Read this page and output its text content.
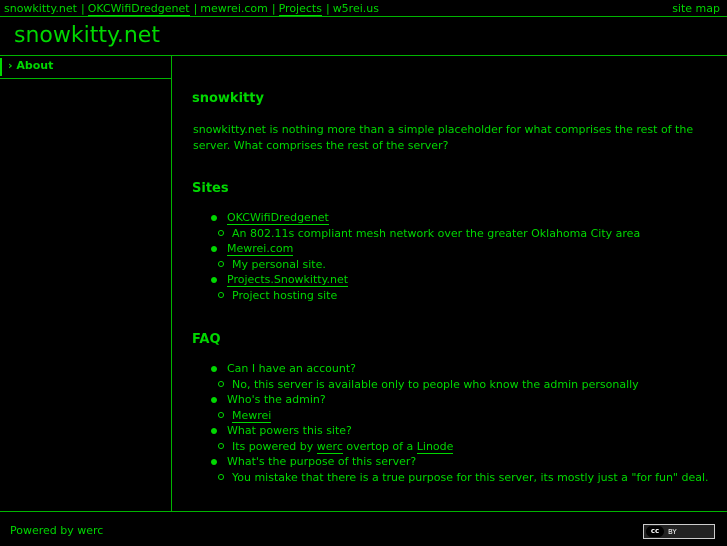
snowkitty.net | OKCWifiDredgenet | mewrei.com | Projects | w5rei.us	site map
snowkitty.net
› About
snowkitty
snowkitty.net is nothing more than a simple placeholder for what comprises the rest of the server. What comprises the rest of the server?
Sites
OKCWifiDredgenet
An 802.11s compliant mesh network over the greater Oklahoma City area
Mewrei.com
My personal site.
Projects.Snowkitty.net
Project hosting site
FAQ
Can I have an account?
No, this server is available only to people who know the admin personally
Who's the admin?
Mewrei
What powers this site?
Its powered by werc overtop of a Linode
What's the purpose of this server?
You mistake that there is a true purpose for this server, its mostly just a "for fun" deal.
Powered by werc	cc	BY
